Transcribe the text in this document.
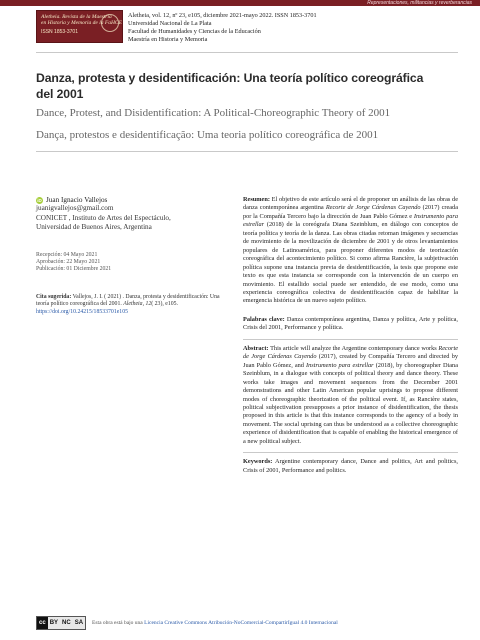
Representaciones, militancias y reverberancias
Aletheia. Revista de la Maestría
en Historia y Memoria de la FaHCE
ISSN 1853-3701
Aletheia, vol. 12, nº 23, e105, diciembre 2021-mayo 2022. ISSN 1853-3701
Universidad Nacional de La Plata
Facultad de Humanidades y Ciencias de la Educación
Maestría en Historia y Memoria
Danza, protesta y desidentificación: Una teoría político coreográfica del 2001
Dance, Protest, and Disidentification: A Political-Choreographic Theory of 2001
Dança, protestos e desidentificação: Uma teoria político coreográfica de 2001
iD Juan Ignacio Vallejos
juanigvallejos@gmail.com
CONICET , Instituto de Artes del Espectáculo,
Universidad de Buenos Aires, Argentina
Recepción: 04 Mayo 2021
Aprobación: 22 Mayo 2021
Publicación: 01 Diciembre 2021
Cita sugerida: Vallejos, J. I. ( 2021) . Danza, protesta y desidentificación: Una teoría político coreográfica del 2001. Aletheia, 12( 23), e105. https://doi.org/10.24215/18533701e105

Resumen: El objetivo de este artículo será el de proponer un análisis de las obras de danza contemporánea argentina Recorte de Jorge Cárdenas Cayendo (2017) creada por la Compañía Tercero bajo la dirección de Juan Pablo Gómez e Instrumento para estrellar (2018) de la coreógrafa Diana Szeinblum, en diálogo con conceptos de teoría política y teoría de la danza. Las obras citadas retoman imágenes y secuencias de movimiento de la movilización de diciembre de 2001 y de otros levantamientos populares de Latinoamérica, para proponer diferentes modos de teorización coreográfica del acontecimiento político. Si como afirma Rancière, la subjetivación política supone una instancia previa de desidentificación, la tesis que propone este texto es que esta instancia se corresponde con la intervención de un cuerpo en movimiento. El estallido social puede ser entendido, de ese modo, como una experiencia coreográfica colectiva de desidentificación capaz de habilitar la emergencia histórica de un nuevo sujeto político.

Palabras clave: Danza contemporánea argentina, Danza y política, Arte y política, Crisis del 2001, Performance y política.

Abstract: This article will analyze the Argentine contemporary dance works Recorte de Jorge Cárdenas Cayendo (2017), created by Compañía Tercero and directed by Juan Pablo Gómez, and Instrumento para estrellar (2018), by choreographer Diana Szeinblum, in a dialogue with concepts of political theory and dance theory. These works take images and movement sequences from the December 2001 demonstrations and other Latin American popular uprisings to propose different modes of choreographic theorization of the political event. If, as Rancière states, political subjectivation presupposes a prior instance of disidentification, the thesis proposed in this article is that this instance corresponds to the agency of a body in movement. The social uprising can thus be understood as a collective choreographic experience of disidentification that is capable of enabling the historical emergence of a new political subject.

Keywords: Argentine contemporary dance, Dance and politics, Art and politics, Crisis of 2001, Performance and politics.

cc BY NC SA	Esta obra está bajo una Licencia Creative Commons Atribución-NoComercial-CompartirIgual 4.0 Internacional
